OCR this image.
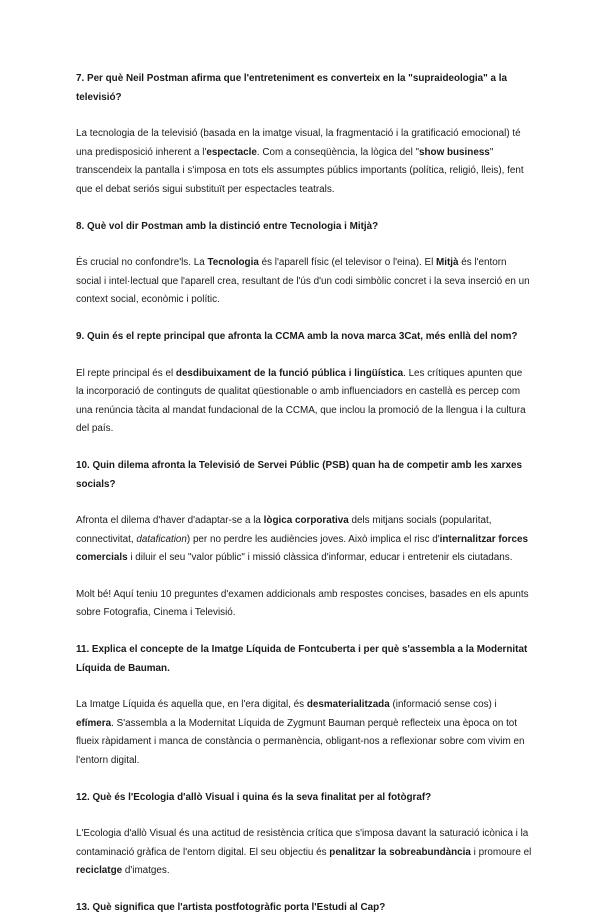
7. Per què Neil Postman afirma que l'entreteniment es converteix en la "supraideologia" a la televisió?

La tecnologia de la televisió (basada en la imatge visual, la fragmentació i la gratificació emocional) té una predisposició inherent a l'espectacle. Com a conseqüència, la lògica del "show business" transcendeix la pantalla i s'imposa en tots els assumptes públics importants (política, religió, lleis), fent que el debat seriós sigui substituït per espectacles teatrals.

8. Què vol dir Postman amb la distinció entre Tecnologia i Mitjà?

És crucial no confondre'ls. La Tecnologia és l'aparell físic (el televisor o l'eina). El Mitjà és l'entorn social i intel·lectual que l'aparell crea, resultant de l'ús d'un codi simbòlic concret i la seva inserció en un context social, econòmic i polític.

9. Quin és el repte principal que afronta la CCMA amb la nova marca 3Cat, més enllà del nom?

El repte principal és el desdibuixament de la funció pública i lingüística. Les crítiques apunten que la incorporació de continguts de qualitat qüestionable o amb influenciadors en castellà es percep com una renúncia tàcita al mandat fundacional de la CCMA, que inclou la promoció de la llengua i la cultura del país.

10. Quin dilema afronta la Televisió de Servei Públic (PSB) quan ha de competir amb les xarxes socials?

Afronta el dilema d'haver d'adaptar-se a la lògica corporativa dels mitjans socials (popularitat, connectivitat, datafication) per no perdre les audiències joves. Això implica el risc d'internalitzar forces comercials i diluir el seu "valor públic" i missió clàssica d'informar, educar i entretenir els ciutadans.

Molt bé! Aquí teniu 10 preguntes d'examen addicionals amb respostes concises, basades en els apunts sobre Fotografia, Cinema i Televisió.

11. Explica el concepte de la Imatge Líquida de Fontcuberta i per què s'assembla a la Modernitat Líquida de Bauman.

La Imatge Líquida és aquella que, en l'era digital, és desmaterialitzada (informació sense cos) i efímera. S'assembla a la Modernitat Líquida de Zygmunt Bauman perquè reflecteix una època on tot flueix ràpidament i manca de constància o permanència, obligant-nos a reflexionar sobre com vivim en l'entorn digital.

12. Què és l'Ecologia d'allò Visual i quina és la seva finalitat per al fotògraf?

L'Ecologia d'allò Visual és una actitud de resistència crítica que s'imposa davant la saturació icònica i la contaminació gràfica de l'entorn digital. El seu objectiu és penalitzar la sobreabundància i promoure el reciclatge d'imatges.

13. Què significa que l'artista postfotogràfic porta l'Estudi al Cap?
